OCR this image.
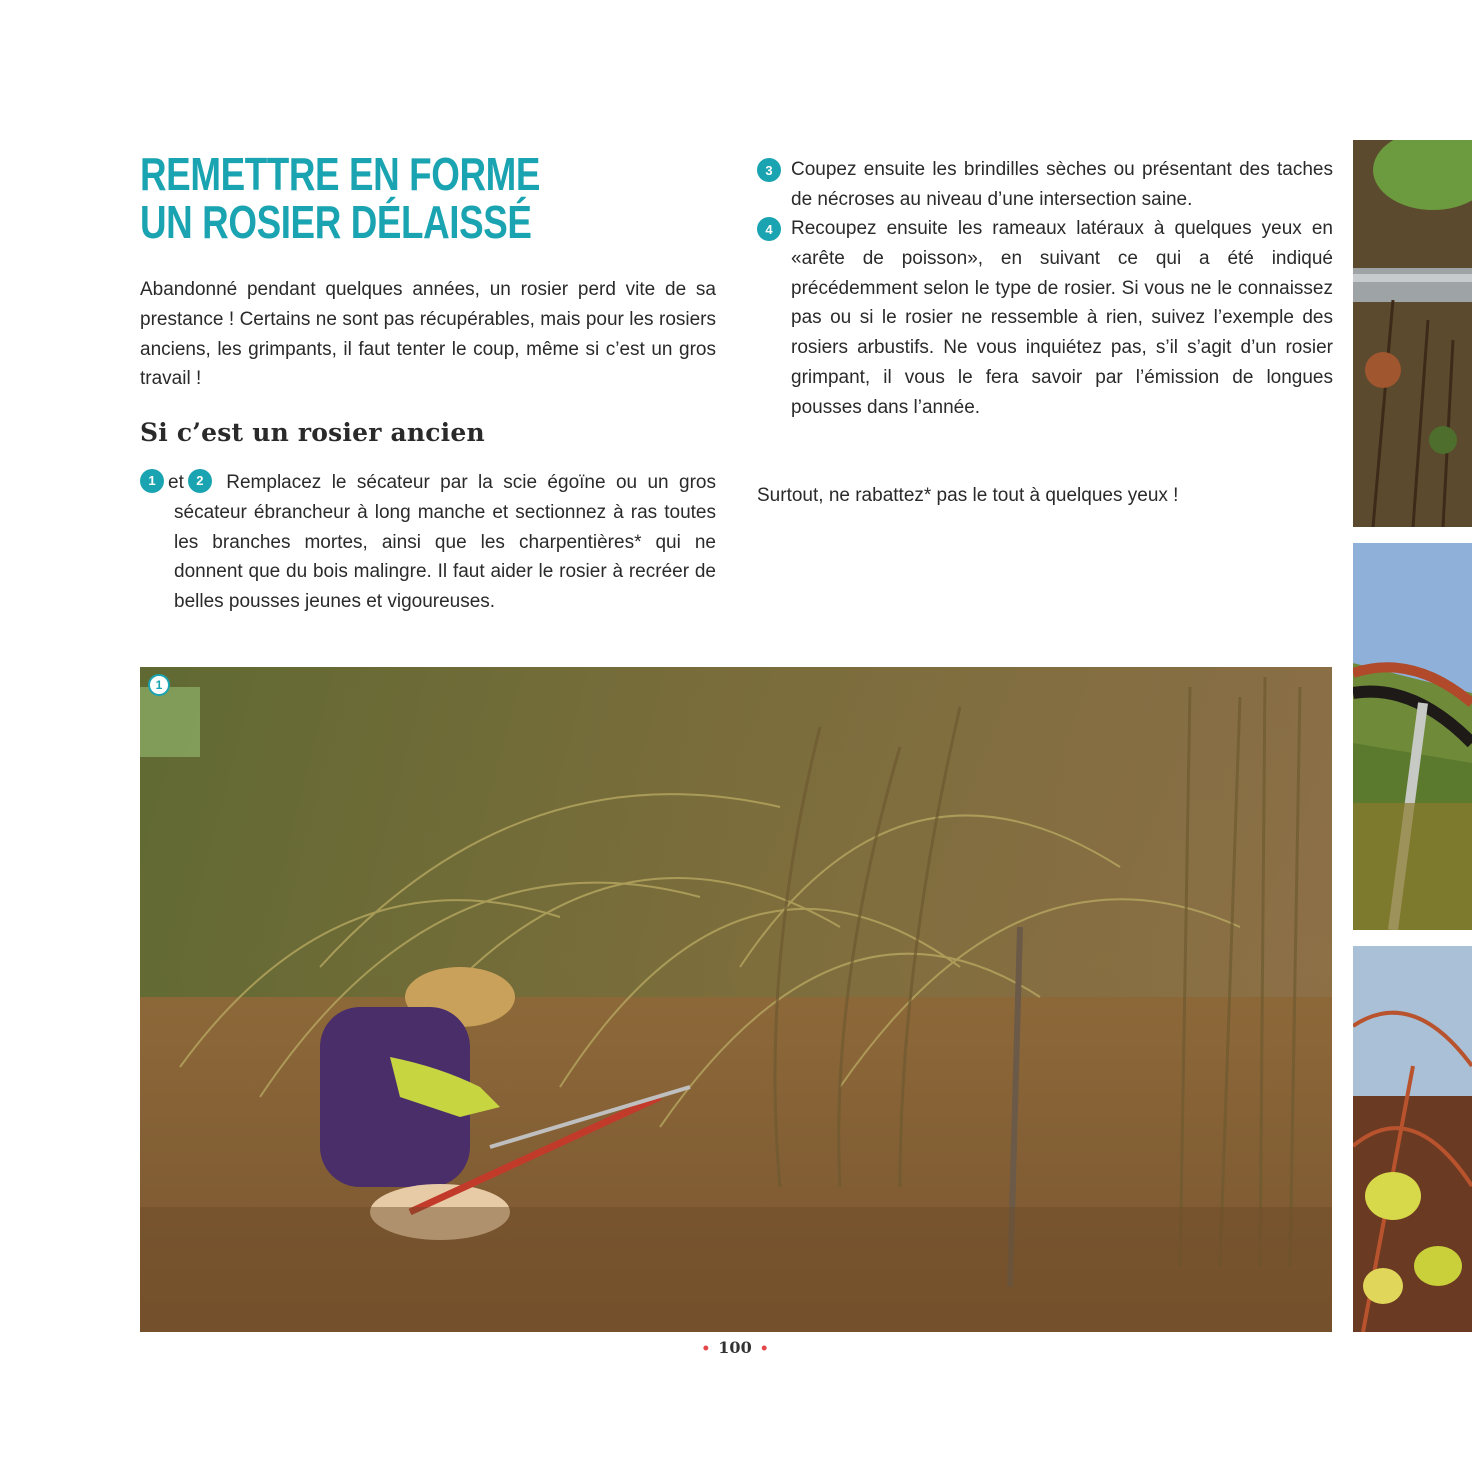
REMETTRE EN FORME
UN ROSIER DÉLAISSÉ

Abandonné pendant quelques années, un rosier perd vite de sa prestance ! Certains ne sont pas récupérables, mais pour les rosiers anciens, les grimpants, il faut tenter le coup, même si c’est un gros travail !

Si c’est un rosier ancien

1 et 2 Remplacez le sécateur par la scie égoïne ou un gros sécateur ébrancheur à long manche et sectionnez à ras toutes les branches mortes, ainsi que les charpentières* qui ne donnent que du bois malingre. Il faut aider le rosier à recréer de belles pousses jeunes et vigoureuses.

3 Coupez ensuite les brindilles sèches ou présentant des taches de nécroses au niveau d’une intersection saine.

4 Recoupez ensuite les rameaux latéraux à quelques yeux en «arête de poisson», en suivant ce qui a été indiqué précédemment selon le type de rosier. Si vous ne le connaissez pas ou si le rosier ne ressemble à rien, suivez l’exemple des rosiers arbustifs. Ne vous inquiétez pas, s’il s’agit d’un rosier grimpant, il vous le fera savoir par l’émission de longues pousses dans l’année.

Surtout, ne rabattez* pas le tout à quelques yeux !

1
• 100 •
